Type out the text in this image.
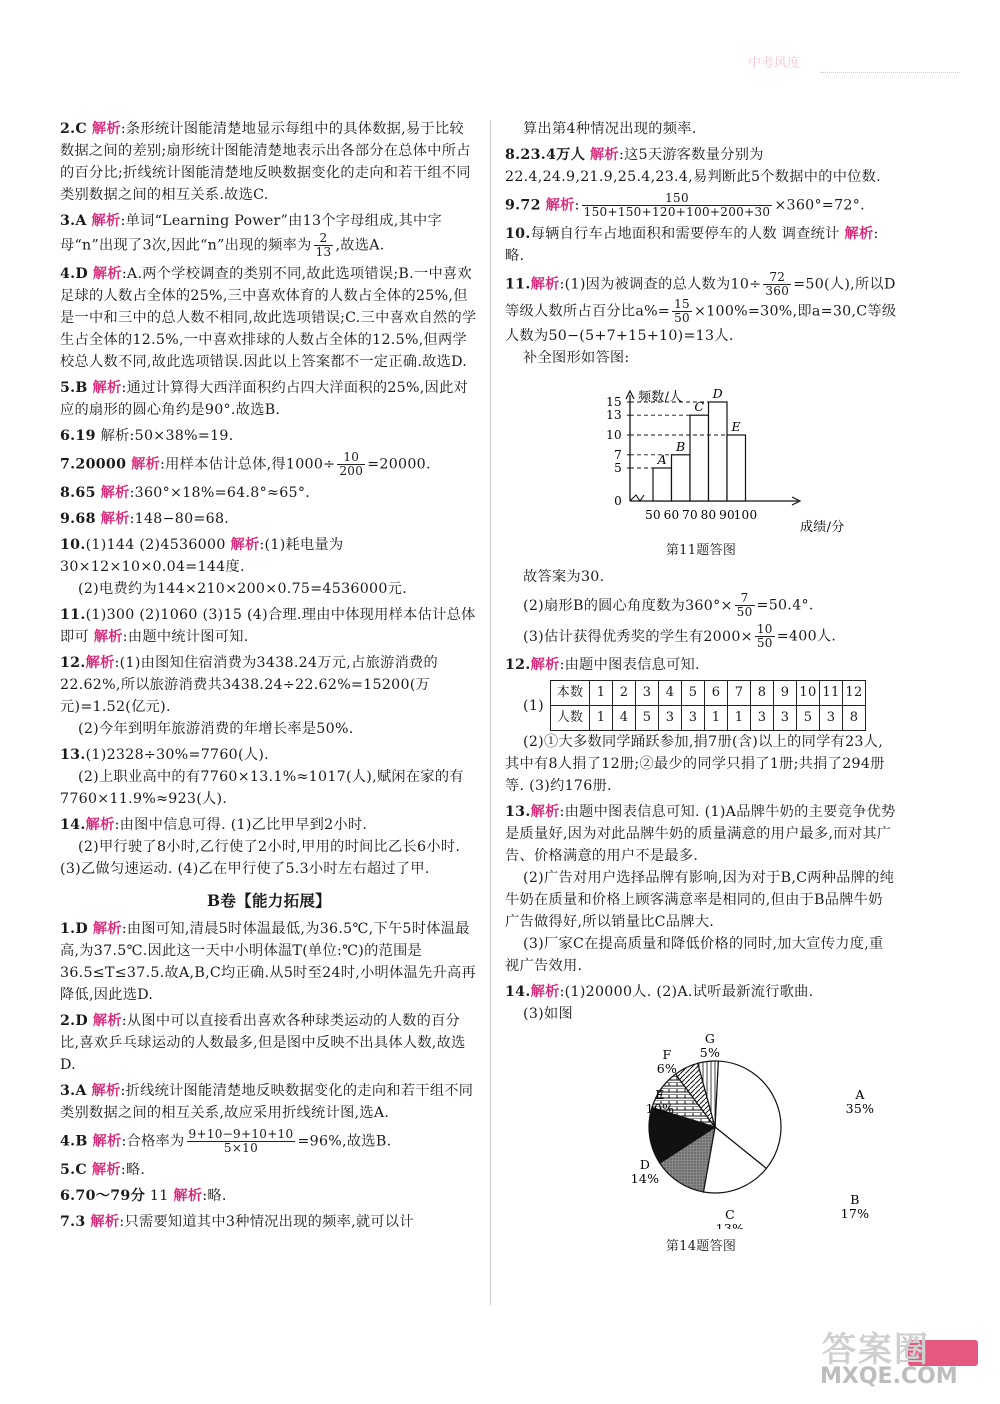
中考风度

2.C 解析:条形统计图能清楚地显示每组中的具体数据,易于比较数据之间的差别;扇形统计图能清楚地表示出各部分在总体中所占的百分比;折线统计图能清楚地反映数据变化的走向和若干组不同类别数据之间的相互关系.故选C.

3.A 解析:单词“Learning Power”由13个字母组成,其中字母“n”出现了3次,因此“n”出现的频率为 $\frac{2}{13}$ ,故选A.

4.D 解析:A.两个学校调查的类别不同,故此选项错误;B.一中喜欢足球的人数占全体的25%,三中喜欢体育的人数占全体的25%,但是一中和三中的总人数不相同,故此选项错误;C.三中喜欢自然的学生占全体的12.5%,一中喜欢排球的人数占全体的12.5%,但两学校总人数不同,故此选项错误.因此以上答案都不一定正确.故选D.

5.B 解析:通过计算得大西洋面积约占四大洋面积的25%,因此对应的扇形的圆心角约是90°.故选B.

6.19 解析:50×38%=19.

7.20000 解析:用样本估计总体,得$1000\div \frac{10}{200} =20000$.

8.65 解析:360°×18%=64.8°≈65°.

9.68 解析:148−80=68.

10.(1)144 (2)4536000 解析:(1)耗电量为30×12×10×0.04=144度.
(2)电费约为144×210×200×0.75=4536000元.

11.(1)300 (2)1060 (3)15 (4)合理.理由中体现用样本估计总体即可 解析:由题中统计图可知.

12.解析:(1)由图知住宿消费为3438.24万元,占旅游消费的22.62%,所以旅游消费共3438.24÷22.62%=15200(万元)=1.52(亿元).
(2)今年到明年旅游消费的年增长率是50%.

13.(1)2328÷30%=7760(人).
(2)上职业高中的有7760×13.1%≈1017(人),赋闲在家的有7760×11.9%≈923(人).

14.解析:由图中信息可得. (1)乙比甲早到2小时.
(2)甲行驶了8小时,乙行使了2小时,甲用的时间比乙长6小时. (3)乙做匀速运动. (4)乙在甲行使了5.3小时左右超过了甲.

B卷【能力拓展】

1.D 解析:由图可知,清晨5时体温最低,为36.5℃,下午5时体温最高,为37.5℃.因此这一天中小明体温T(单位:℃)的范围是36.5≤T≤37.5.故A,B,C均正确.从5时至24时,小明体温先升高再降低,因此选D.

2.D 解析:从图中可以直接看出喜欢各种球类运动的人数的百分比,喜欢乒乓球运动的人数最多,但是图中反映不出具体人数,故选D.

3.A 解析:折线统计图能清楚地反映数据变化的走向和若干组不同类别数据之间的相互关系,故应采用折线统计图,选A.

4.B 解析:合格率为 $\frac{9+10-9+10+10}{5\times 10} =96\%$,故选B.

5.C 解析:略.

6.70～79分 11 解析:略.

7.3 解析:只需要知道其中3种情况出现的频率,就可以计

算出第4种情况出现的频率.

8.23.4万人 解析:这5天游客数量分别为22.4,24.9,21.9,25.4,23.4,易判断此5个数据中的中位数.

9.72 解析: $\frac{150}{150+150+120+100+200+30} \times 360^\circ=72^\circ$.

10.每辆自行车占地面积和需要停车的人数 调查统计 解析:略.

11.解析:(1)因为被调查的总人数为$10\div \frac{72}{360} =50$(人),所以D等级人数所占百分比$a\%= \frac{15}{50} \times 100\%=30\%$,即a=30,C等级人数为50−(5+7+15+10)=13人.
补全图形如答图:

频数/人
成绩/分
0
5
7
10
13
15
50 60 70 80 90
100
A
B
C
D
E
第11题答图

故答案为30.

(2)扇形B的圆心角度数为$360^\circ\times \frac{7}{50} =50.4^\circ$.

(3)估计获得优秀奖的学生有$2000\times \frac{10}{50} =400$人.

12.解析:由题中图表信息可知.

(1)
本数	1	2	3	4	5	6	7	8	9	10	11	12
人数	1	4	5	3	3	1	1	3	3	5	3	8

(2)①大多数同学踊跃参加,捐7册(含)以上的同学有23人,其中有8人捐了12册;②最少的同学只捐了1册;共捐了294册等. (3)约176册.

13.解析:由题中图表信息可知. (1)A品牌牛奶的主要竞争优势是质量好,因为对此品牌牛奶的质量满意的用户最多,而对其广告、价格满意的用户不是最多.
(2)广告对用户选择品牌有影响,因为对于B,C两种品牌的纯牛奶在质量和价格上顾客满意率是相同的,但由于B品牌牛奶广告做得好,所以销量比C品牌大.
(3)厂家C在提高质量和降低价格的同时,加大宣传力度,重视广告效用.

14.解析:(1)20000人. (2)A.试听最新流行歌曲.
(3)如图

A
35%
B
17%
C
13%
D
14%
E
10%
F
6%
G
5%
第14题答图
答案圈
MXQE.COM
